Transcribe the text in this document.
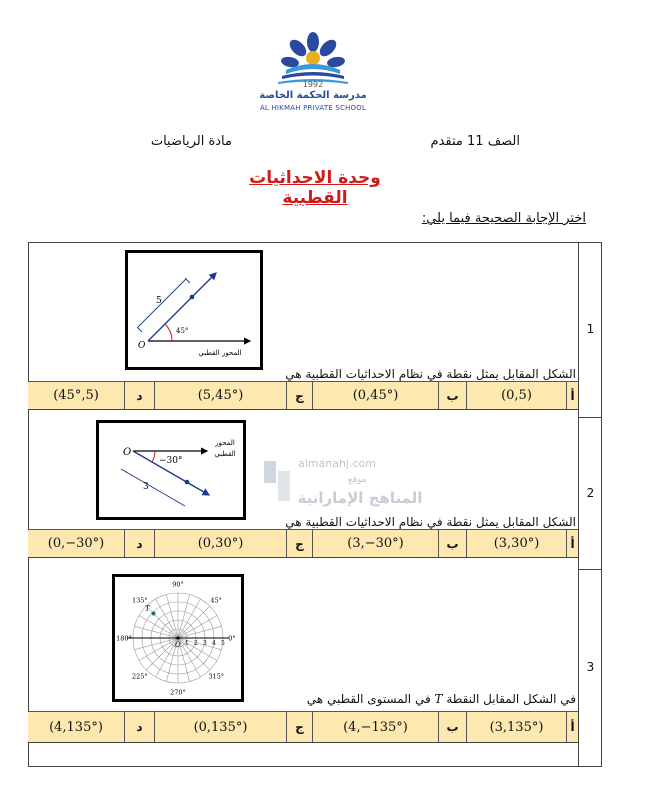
1992
مدرسة الحكمة الخاصة
AL HIKMAH PRIVATE SCHOOL
الصف 11 متقدم
مادة الرياضيات
وحدة الاحداثيات القطبية
اختر الإجابة الصحيحة فيما يلي:
1
2
3
5
45°
O
المحور القطبي
الشكل المقابل يمثل نقطة في نظام الاحداثيات القطبية هي
(45°,5)	د	(5,45°)	ج	(0,45°)	ب	(0,5)	أ
−30°
3
O
المحور
القطبي
almanahj.com
موقع
المناهج الإماراتية
الشكل المقابل يمثل نقطة في نظام الاحداثيات القطبية هي
(0,−30°)	د	(0,30°)	ج	(3,−30°)	ب	(3,30°)	أ
90°
45°
0°
315°
270°
225°
180°
135°
1 2 3 4 5
T
O
في الشكل المقابل النقطة T في المستوى القطبي هي
(4,135°)	د	(0,135°)	ج	(4,−135°)	ب	(3,135°)	أ
